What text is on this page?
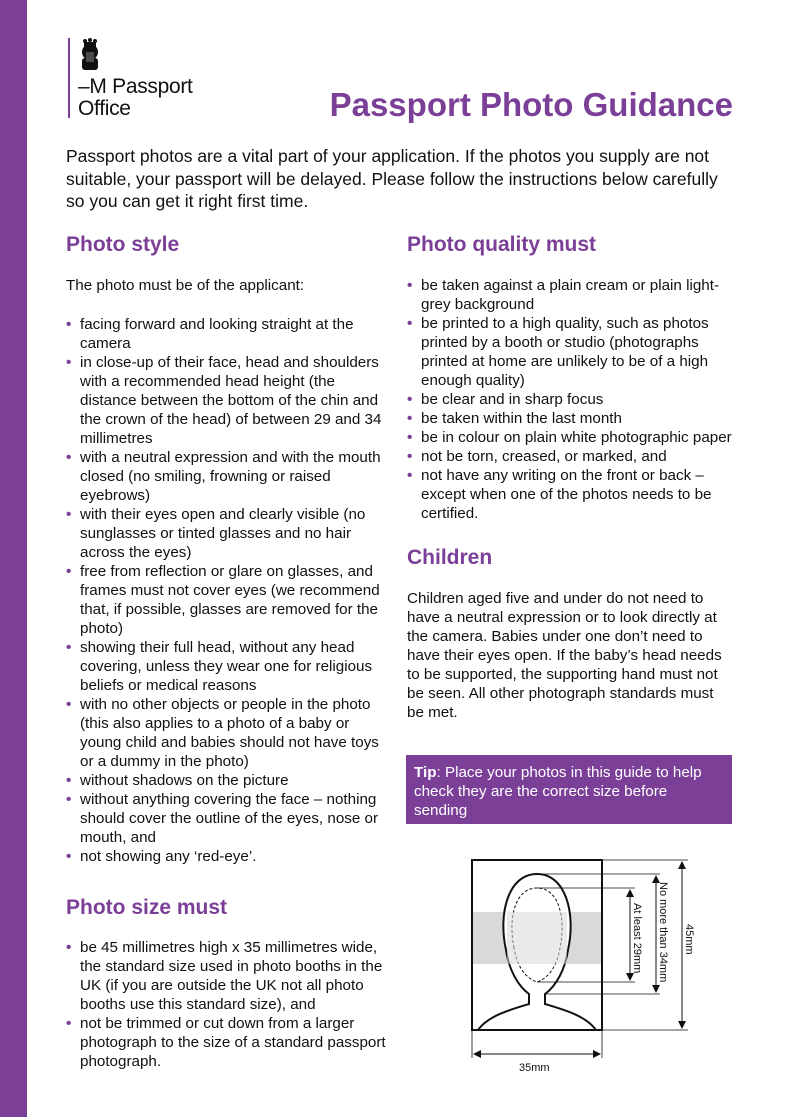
–M Passport
Office	Passport Photo Guidance

Passport photos are a vital part of your application. If the photos you supply are not suitable, your passport will be delayed. Please follow the instructions below carefully so you can get it right first time.

Photo style

The photo must be of the applicant:

• facing forward and looking straight at the camera
• in close-up of their face, head and shoulders with a recommended head height (the distance between the bottom of the chin and the crown of the head) of between 29 and 34 millimetres
• with a neutral expression and with the mouth closed (no smiling, frowning or raised eyebrows)
• with their eyes open and clearly visible (no sunglasses or tinted glasses and no hair across the eyes)
• free from reflection or glare on glasses, and frames must not cover eyes (we recommend that, if possible, glasses are removed for the photo)
• showing their full head, without any head covering, unless they wear one for religious beliefs or medical reasons
• with no other objects or people in the photo (this also applies to a photo of a baby or young child and babies should not have toys or a dummy in the photo)
• without shadows on the picture
• without anything covering the face – nothing should cover the outline of the eyes, nose or mouth, and
• not showing any ‘red-eye’.
Photo size must
• be 45 millimetres high x 35 millimetres wide, the standard size used in photo booths in the UK (if you are outside the UK not all photo booths use this standard size), and
• not be trimmed or cut down from a larger photograph to the size of a standard passport photograph.
Photo quality must
• be taken against a plain cream or plain light-grey background
• be printed to a high quality, such as photos printed by a booth or studio (photographs printed at home are unlikely to be of a high enough quality)
• be clear and in sharp focus
• be taken within the last month
• be in colour on plain white photographic paper
• not be torn, creased, or marked, and
• not have any writing on the front or back – except when one of the photos needs to be certified.
Children

Children aged five and under do not need to have a neutral expression or to look directly at the camera. Babies under one don’t need to have their eyes open. If the baby’s head needs to be supported, the supporting hand must not be seen. All other photograph standards must be met.

Tip: Place your photos in this guide to help check they are the correct size before sending
At least 29mm No more than 34mm 45mm
35mm
